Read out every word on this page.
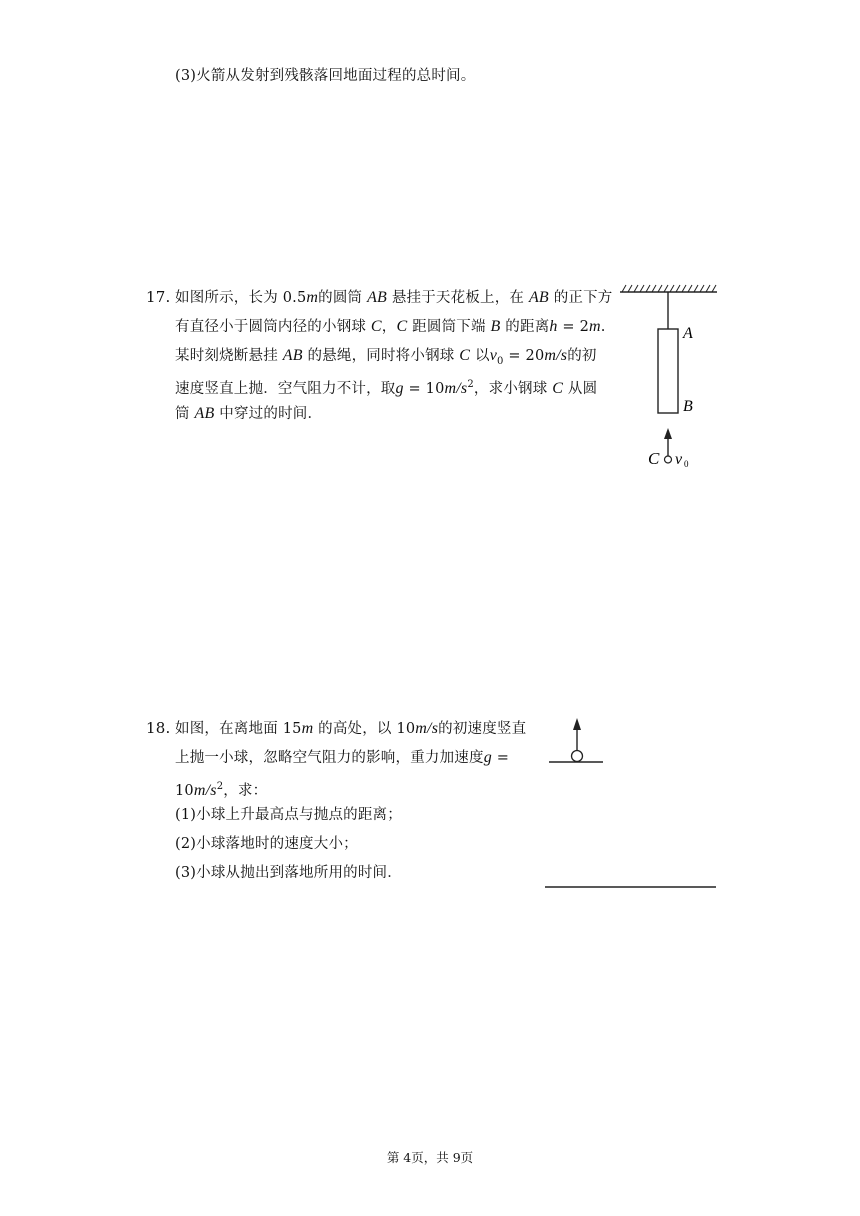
(3)火箭从发射到残骸落回地面过程的总时间。
17. 如图所示，长为 0.5m的圆筒 AB 悬挂于天花板上，在 AB 的正下方
有直径小于圆筒内径的小钢球 C，C 距圆筒下端 B 的距离h = 2m.
某时刻烧断悬挂 AB 的悬绳，同时将小钢球 C 以$v_0 = 20m/s$的初
速度竖直上抛．空气阻力不计，取$g = 10m/s^2$，求小钢球 C 从圆
筒 AB 中穿过的时间．
A
B
C v 0
18. 如图，在离地面 15m 的高处，以 10m/s的初速度竖直
上抛一小球，忽略空气阻力的影响，重力加速度g =
$10m/s^2$，求：
(1)小球上升最高点与抛点的距离；
(2)小球落地时的速度大小；
(3)小球从抛出到落地所用的时间．
第 4页，共 9页
